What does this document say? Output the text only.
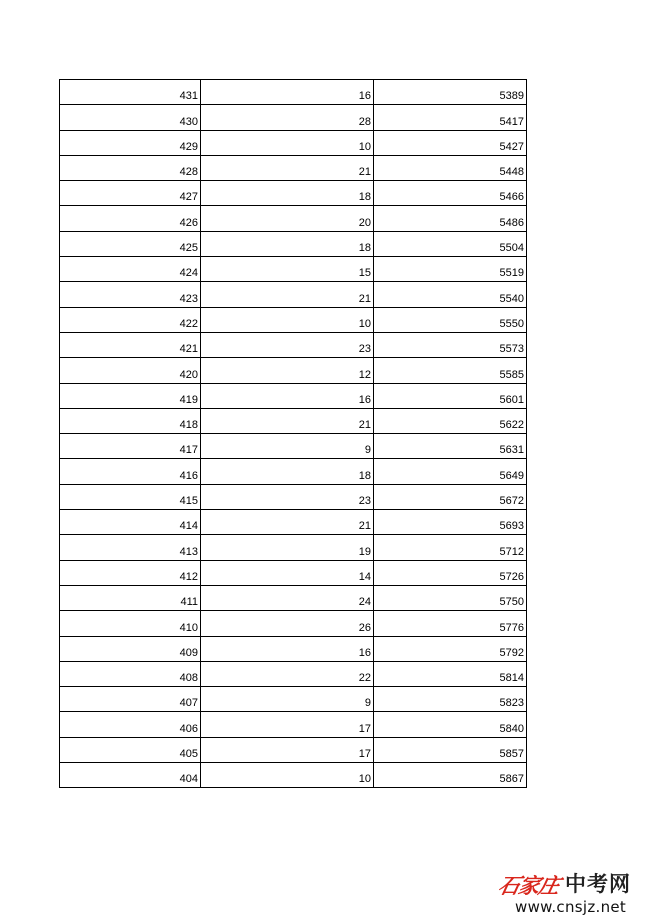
431	16	5389
430	28	5417
429	10	5427
428	21	5448
427	18	5466
426	20	5486
425	18	5504
424	15	5519
423	21	5540
422	10	5550
421	23	5573
420	12	5585
419	16	5601
418	21	5622
417	9	5631
416	18	5649
415	23	5672
414	21	5693
413	19	5712
412	14	5726
411	24	5750
410	26	5776
409	16	5792
408	22	5814
407	9	5823
406	17	5840
405	17	5857
404	10	5867
石家庄 中考网
www.cnsjz.net
